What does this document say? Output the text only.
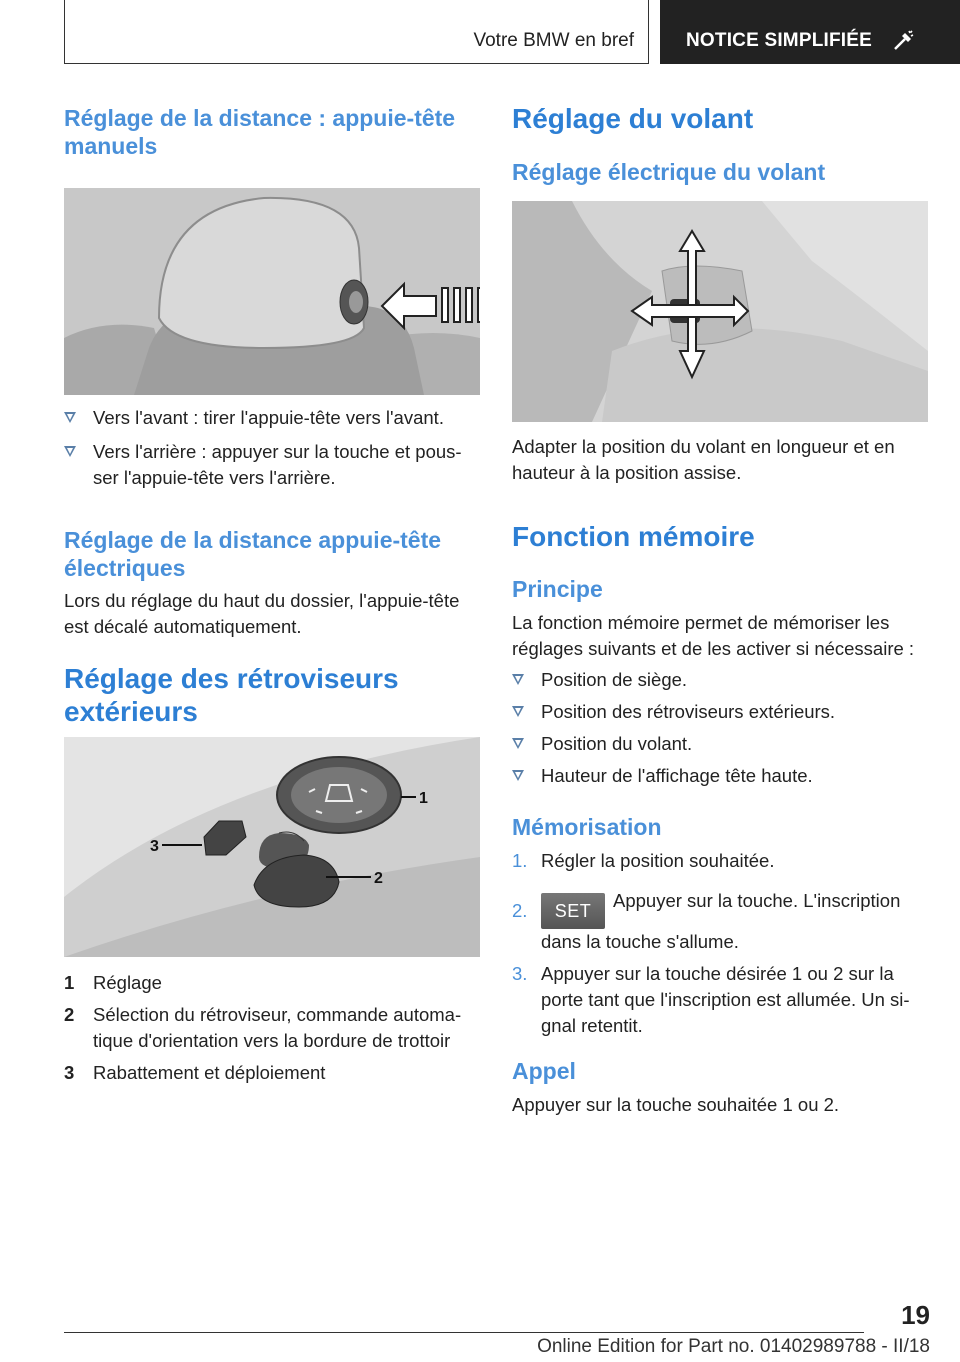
Votre BMW en bref	NOTICE SIMPLIFIÉE
Réglage de la distance : appuie-tête manuels
Vers l'avant : tirer l'appuie-tête vers l'avant.
Vers l'arrière : appuyer sur la touche et pous-ser l'appuie-tête vers l'arrière.
Réglage de la distance appuie-tête électriques
Lors du réglage du haut du dossier, l'appuie-tête est décalé automatiquement.
Réglage des rétroviseurs extérieurs
1
3
2
1 Réglage
2 Sélection du rétroviseur, commande automa-tique d'orientation vers la bordure de trottoir
3 Rabattement et déploiement
Réglage du volant
Réglage électrique du volant
Adapter la position du volant en longueur et en hauteur à la position assise.
Fonction mémoire
Principe
La fonction mémoire permet de mémoriser les réglages suivants et de les activer si nécessaire :
Position de siège.
Position des rétroviseurs extérieurs.
Position du volant.
Hauteur de l'affichage tête haute.
Mémorisation
1. Régler la position souhaitée.
2. SET Appuyer sur la touche. L'inscription dans la touche s'allume.
3. Appuyer sur la touche désirée 1 ou 2 sur la porte tant que l'inscription est allumée. Un si-gnal retentit.
Appel
Appuyer sur la touche souhaitée 1 ou 2.
19
Online Edition for Part no. 01402989788 - II/18
